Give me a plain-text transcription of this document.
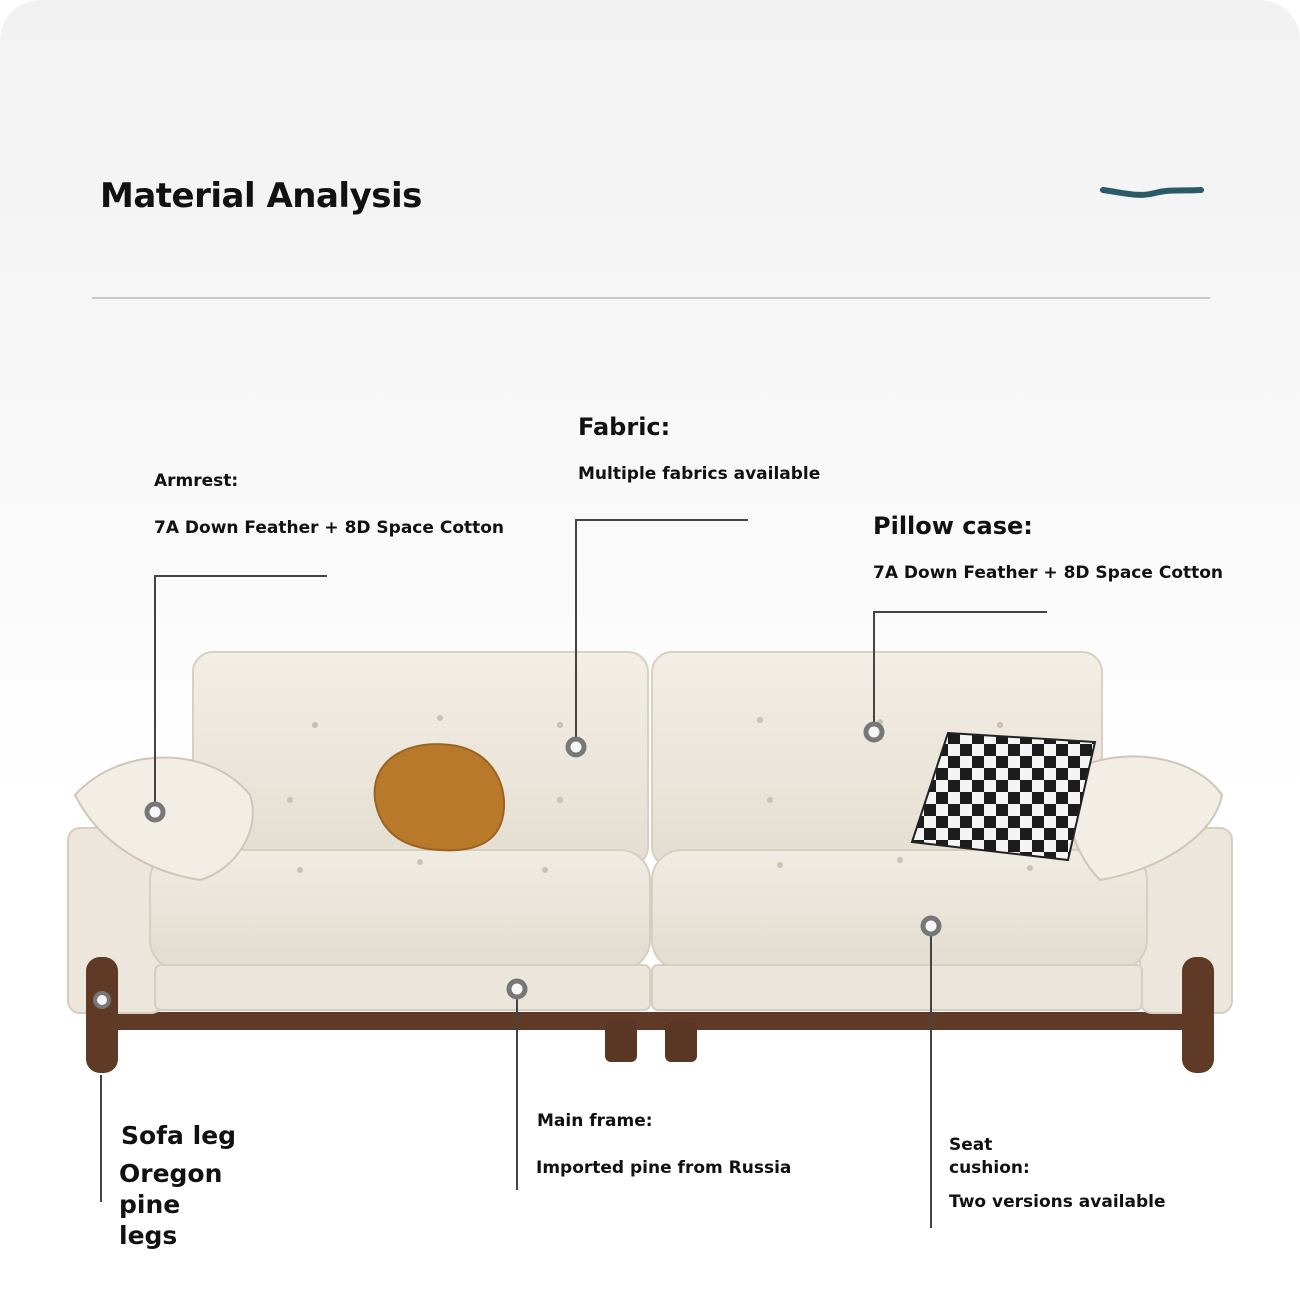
Material Analysis
Armrest:
7A Down Feather + 8D Space Cotton
Fabric:
Multiple fabrics available
Pillow case:
7A Down Feather + 8D Space Cotton
Sofa leg
Oregon pine legs
Main frame:
Imported pine from Russia
Seat cushion:
Two versions available
